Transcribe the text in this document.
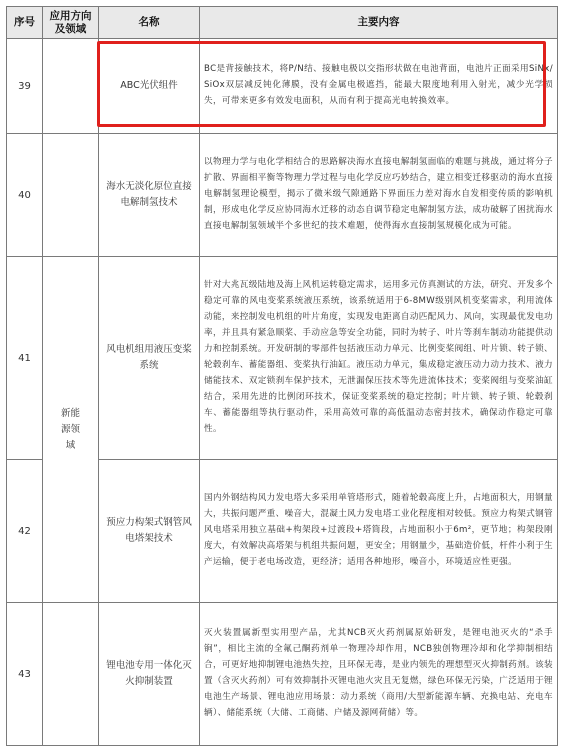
序号	应用方向及领域	名称	主要内容
39		ABC光伏组件	BC是背接触技术，将P/N结、接触电极以交指形状做在电池背面，电池片正面采用SiNx/SiOx双层减反钝化薄膜，没有金属电极遮挡，能最大限度地利用入射光，减少光学损失，可带来更多有效发电面积，从而有利于提高光电转换效率。
40		海水无淡化原位直接电解制氢技术	以物理力学与电化学相结合的思路解决海水直接电解制氢面临的难题与挑战，通过将分子扩散、界面相平衡等物理力学过程与电化学反应巧妙结合，建立相变迁移驱动的海水直接电解制氢理论模型，揭示了微米级气隙通路下界面压力差对海水自发相变传质的影响机制，形成电化学反应协同海水迁移的动态自调节稳定电解制氢方法，成功破解了困扰海水直接电解制氢领域半个多世纪的技术难题，使得海水直接制氢规模化成为可能。
41	新能源领域	风电机组用液压变桨系统	针对大兆瓦级陆地及海上风机运转稳定需求，运用多元仿真测试的方法，研究、开发多个稳定可靠的风电变桨系统液压系统，该系统适用于6-8MW级别风机变桨需求，利用流体动能，来控制发电机组的叶片角度，实现发电距离自动匹配风力、风向，实现最优发电功率，并且具有紧急顺桨、手动应急等安全功能，同时为转子、叶片等刹车制动功能提供动力和控制系统。开发研制的零部件包括液压动力单元、比例变桨阀组、叶片锁、转子锁、轮毂刹车、蓄能器组、变桨执行油缸。液压动力单元，集成稳定液压动力动力技术、液力储能技术、双定锁刹车保护技术，无泄漏保压技术等先进流体技术；变桨阀组与变桨油缸结合，采用先进的比例闭环技术，保证变桨系统的稳定控制；叶片锁、转子锁、轮毂刹车、蓄能器组等执行驱动件，采用高效可靠的高低温动态密封技术，确保动作稳定可靠性。
42		预应力构架式钢管风电塔架技术	国内外钢结构风力发电塔大多采用单管塔形式，随着轮毂高度上升，占地面积大，用钢量大，共振问题严重、噪音大，混凝土风力发电塔工业化程度相对较低。预应力构架式钢管风电塔采用独立基础+构架段+过渡段+塔筒段，占地面积小于6m²，更节地；构架段刚度大，有效解决高塔架与机组共振问题，更安全；用钢量少，基础造价低，杆件小利于生产运输，便于老电场改造，更经济；适用各种地形，噪音小，环境适应性更强。
43		锂电池专用一体化灭火抑制装置	灭火装置属新型实用型产品，尤其NCB灭火药剂属原始研发，是锂电池灭火的“杀手锏”，相比主流的全氟己酮药剂单一物理冷却作用，NCB独创物理冷却和化学抑制相结合，可更好地抑制锂电池热失控，且环保无毒，是业内领先的理想型灭火抑制药剂。该装置（含灭火药剂）可有效抑制扑灭锂电池火灾且无复燃，绿色环保无污染，广泛适用于锂电池生产场景、锂电池应用场景：动力系统（商用/大型新能源车辆、充换电站、充电车辆）、储能系统（大储、工商储、户储及源网荷储）等。
